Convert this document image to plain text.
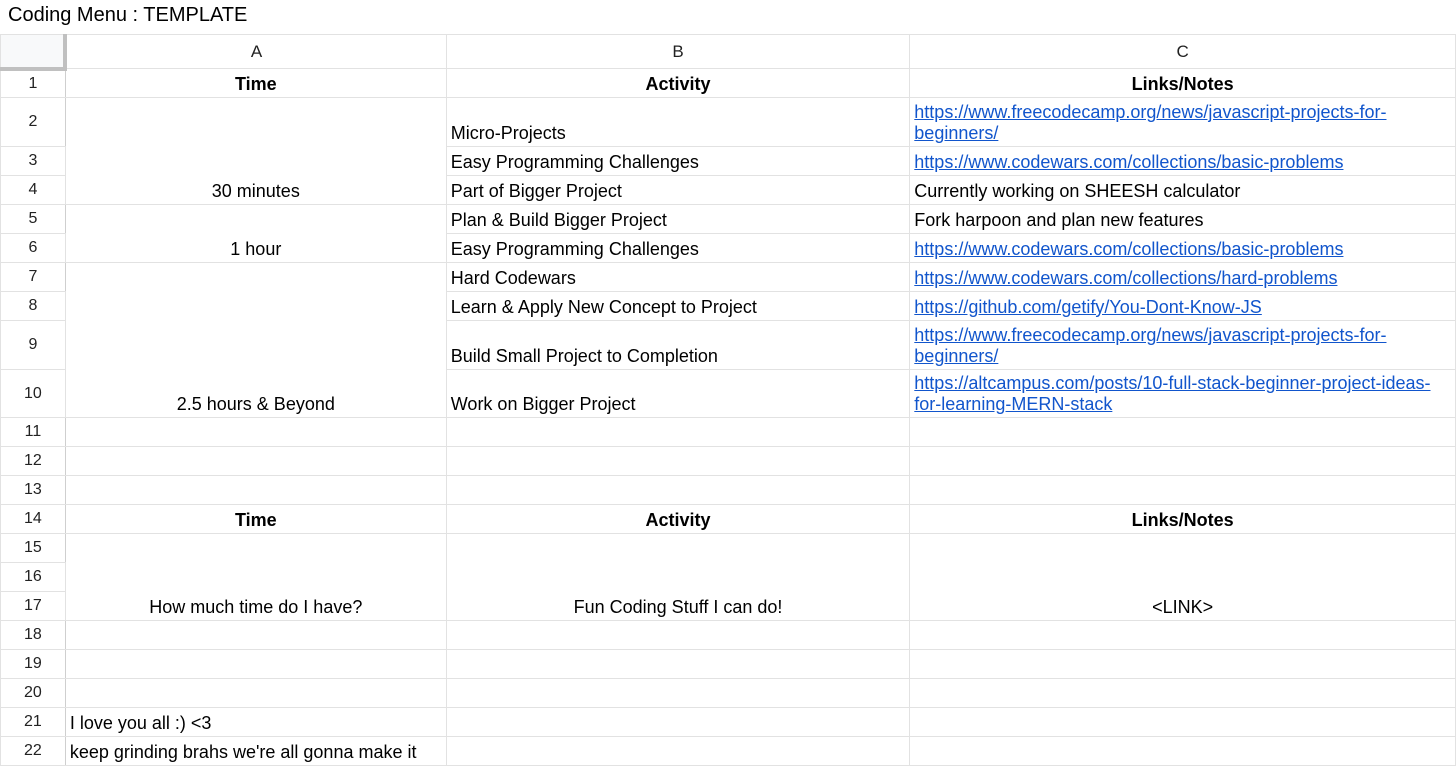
Coding Menu : TEMPLATE
	A	B	C
1	Time	Activity	Links/Notes
2	30 minutes	Micro-Projects	https://www.freecodecamp.org/news/javascript-projects-for-beginners/
3		Easy Programming Challenges	https://www.codewars.com/collections/basic-problems
4		Part of Bigger Project	Currently working on SHEESH calculator
5	1 hour	Plan & Build Bigger Project	Fork harpoon and plan new features
6		Easy Programming Challenges	https://www.codewars.com/collections/basic-problems
7	2.5 hours & Beyond	Hard Codewars	https://www.codewars.com/collections/hard-problems
8		Learn & Apply New Concept to Project	https://github.com/getify/You-Dont-Know-JS
9		Build Small Project to Completion	https://www.freecodecamp.org/news/javascript-projects-for-beginners/
10		Work on Bigger Project	https://altcampus.com/posts/10-full-stack-beginner-project-ideas-for-learning-MERN-stack
11			
12			
13			
14	Time	Activity	Links/Notes
15	How much time do I have?	Fun Coding Stuff I can do!	<LINK>
16			
17			
18			
19			
20			
21	I love you all :) <3		
22	keep grinding brahs we're all gonna make it		
